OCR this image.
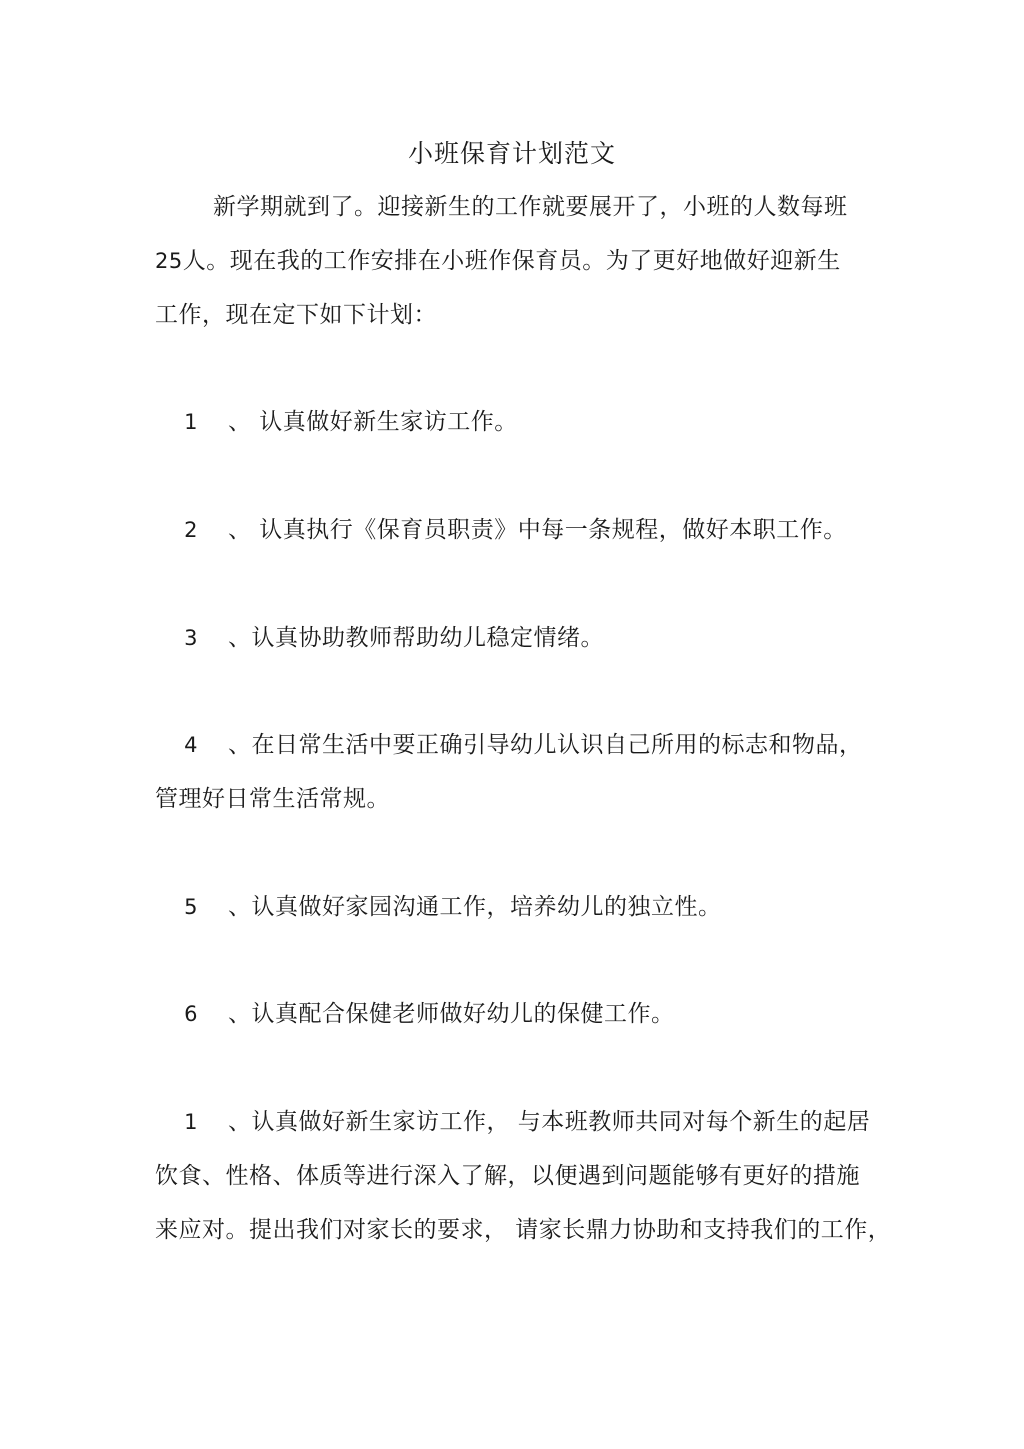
小班保育计划范文
新学期就到了。迎接新生的工作就要展开了，小班的人数每班
25人。现在我的工作安排在小班作保育员。为了更好地做好迎新生
工作，现在定下如下计划：
1 、 认真做好新生家访工作。
2 、 认真执行《保育员职责》中每一条规程，做好本职工作。
3 、认真协助教师帮助幼儿稳定情绪。
4 、在日常生活中要正确引导幼儿认识自己所用的标志和物品，
管理好日常生活常规。
5 、认真做好家园沟通工作，培养幼儿的独立性。
6 、认真配合保健老师做好幼儿的保健工作。
1 、认真做好新生家访工作， 与本班教师共同对每个新生的起居
饮食、性格、体质等进行深入了解，以便遇到问题能够有更好的措施
来应对。提出我们对家长的要求， 请家长鼎力协助和支持我们的工作，
